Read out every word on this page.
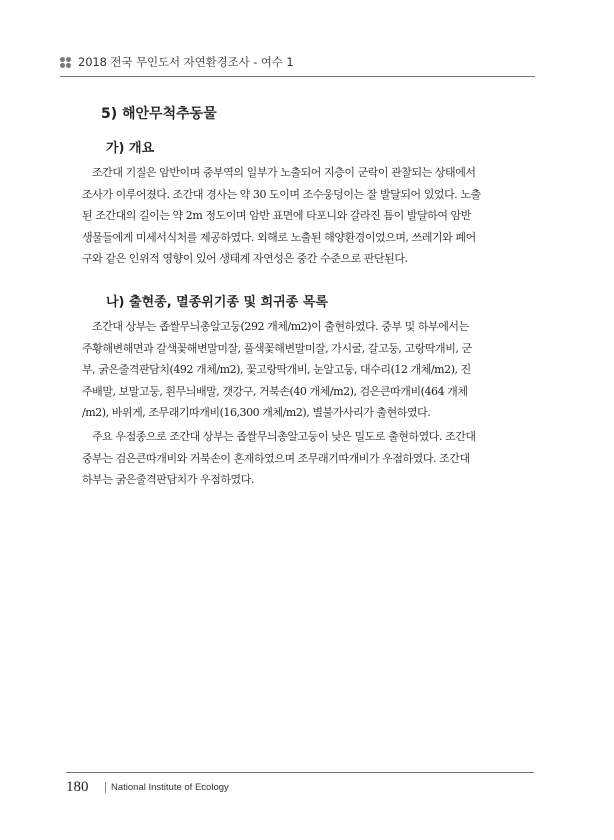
2018 전국 무인도서 자연환경조사 - 여수 1
5) 해안무척추동물
가) 개요
조간대 기질은 암반이며 중부역의 일부가 노출되어 지층이 군락이 관찰되는 상태에서
조사가 이루어졌다. 조간대 경사는 약 30 도이며 조수웅덩이는 잘 발달되어 있었다. 노출
된 조간대의 길이는 약 2m 정도이며 암반 표면에 타포니와 갈라진 틈이 발달하여 암반
생물들에게 미세서식처를 제공하였다. 외해로 노출된 해양환경이었으며, 쓰레기와 폐어
구와 같은 인위적 영향이 있어 생태계 자연성은 중간 수준으로 판단된다.
나) 출현종, 멸종위기종 및 희귀종 목록
조간대 상부는 좁쌀무늬총알고둥(292 개체/m2)이 출현하였다. 중부 및 하부에서는
주황해변해면과 갈색꽃해변말미잘, 풀색꽃해변말미잘, 가시굴, 갈고둥, 고랑딱개비, 군
부, 굵은줄격판담치(492 개체/m2), 꽃고랑딱개비, 눈알고둥, 대수리(12 개체/m2), 진
주배말, 보말고둥, 흰무늬배말, 갯강구, 거북손(40 개체/m2), 검은큰따개비(464 개체
/m2), 바위게, 조무래기따개비(16,300 개체/m2), 별불가사리가 출현하였다.
주요 우점종으로 조간대 상부는 좁쌀무늬총알고둥이 낮은 밀도로 출현하였다. 조간대
중부는 검은큰따개비와 거북손이 혼재하였으며 조무래기따개비가 우점하였다. 조간대
하부는 굵은줄격판담치가 우점하였다.
180 National Institute of Ecology
